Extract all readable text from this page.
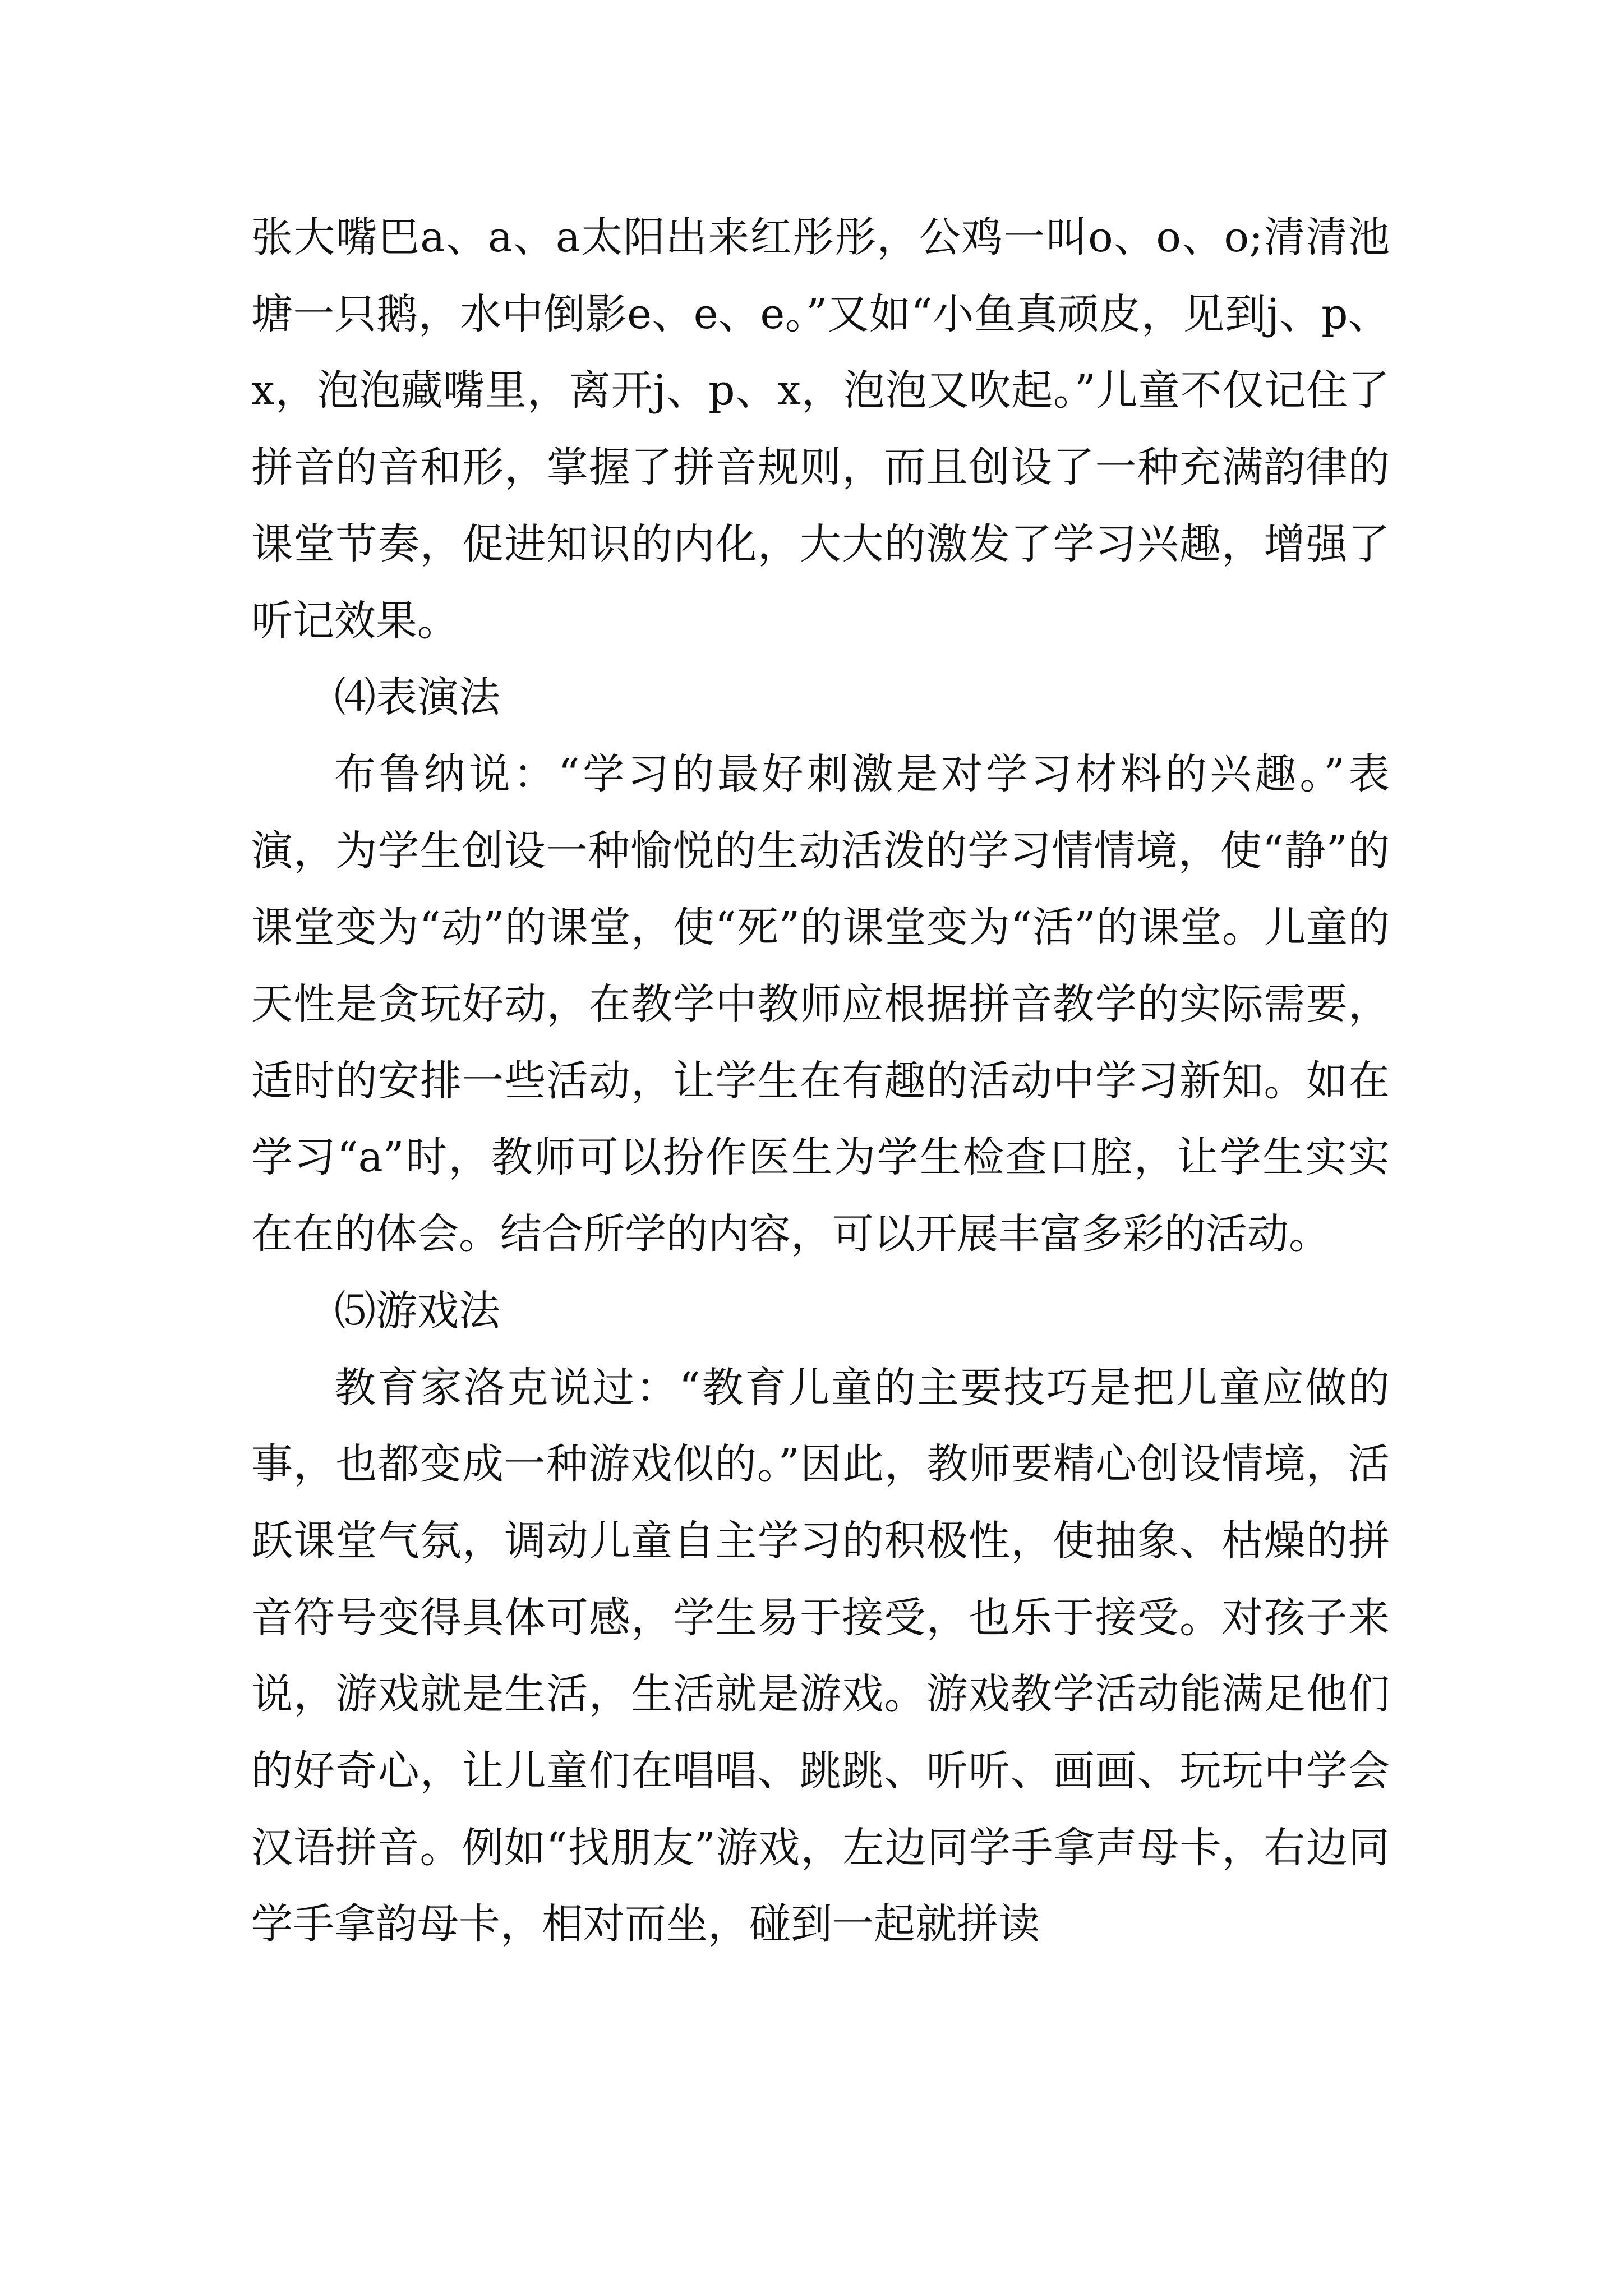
张大嘴巴a、a、a太阳出来红彤彤，公鸡一叫o、o、o;清清池塘一只鹅，水中倒影e、e、e。”又如“小鱼真顽皮，见到j、p、x，泡泡藏嘴里，离开j、p、x，泡泡又吹起。”儿童不仅记住了拼音的音和形，掌握了拼音规则，而且创设了一种充满韵律的课堂节奏，促进知识的内化，大大的激发了学习兴趣，增强了听记效果。

⑷表演法

布鲁纳说：“学习的最好刺激是对学习材料的兴趣。”表演，为学生创设一种愉悦的生动活泼的学习情情境，使“静”的课堂变为“动”的课堂，使“死”的课堂变为“活”的课堂。儿童的天性是贪玩好动，在教学中教师应根据拼音教学的实际需要，适时的安排一些活动，让学生在有趣的活动中学习新知。如在学习“a”时，教师可以扮作医生为学生检查口腔，让学生实实在在的体会。结合所学的内容，可以开展丰富多彩的活动。

⑸游戏法

教育家洛克说过：“教育儿童的主要技巧是把儿童应做的事，也都变成一种游戏似的。”因此，教师要精心创设情境，活跃课堂气氛，调动儿童自主学习的积极性，使抽象、枯燥的拼音符号变得具体可感，学生易于接受，也乐于接受。对孩子来说，游戏就是生活，生活就是游戏。游戏教学活动能满足他们的好奇心，让儿童们在唱唱、跳跳、听听、画画、玩玩中学会汉语拼音。例如“找朋友”游戏，左边同学手拿声母卡，右边同学手拿韵母卡，相对而坐，碰到一起就拼读
